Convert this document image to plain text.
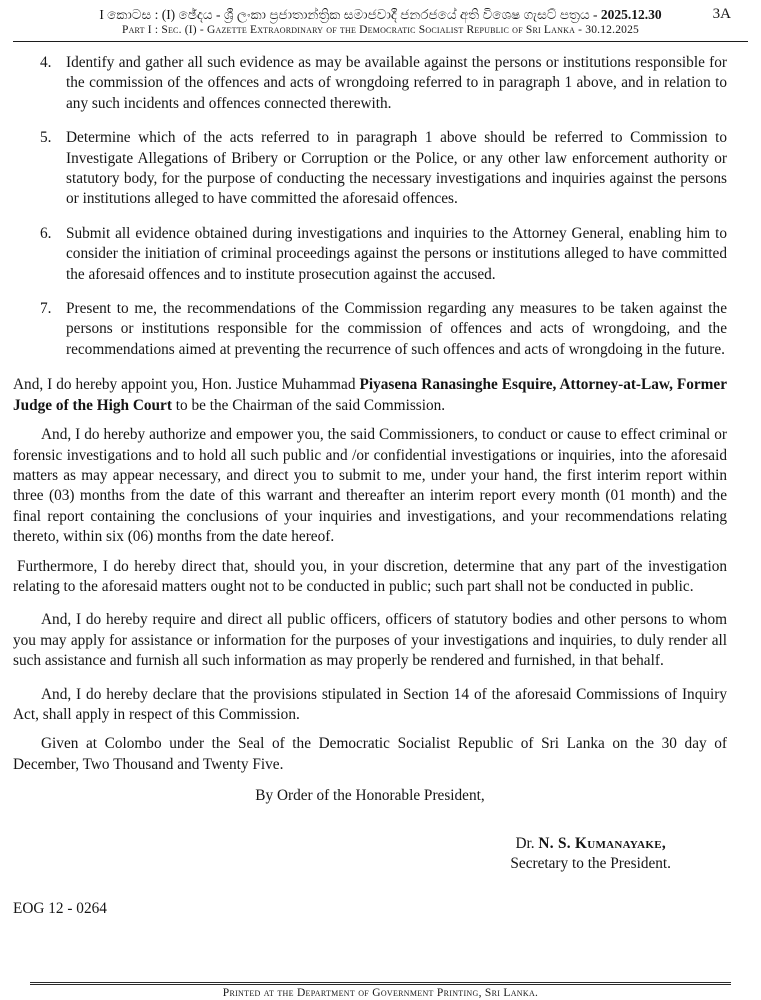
I කොටස : (I) ඡේදය - ශ්‍රී ලංකා ප්‍රජාතාන්ත්‍රික සමාජවාදී ජනරජයේ අති විශෙෂ ගැසට් පත්‍රය - 2025.12.30
Part I : Sec. (I) - Gazette Extraordinary of the Democratic Socialist Republic of Sri Lanka - 30.12.2025
3A
4. Identify and gather all such evidence as may be available against the persons or institutions responsible for the commission of the offences and acts of wrongdoing referred to in paragraph 1 above, and in relation to any such incidents and offences connected therewith.
5. Determine which of the acts referred to in paragraph 1 above should be referred to Commission to Investigate Allegations of Bribery or Corruption or the Police, or any other law enforcement authority or statutory body, for the purpose of conducting the necessary investigations and inquiries against the persons or institutions alleged to have committed the aforesaid offences.
6. Submit all evidence obtained during investigations and inquiries to the Attorney General, enabling him to consider the initiation of criminal proceedings against the persons or institutions alleged to have committed the aforesaid offences and to institute prosecution against the accused.
7. Present to me, the recommendations of the Commission regarding any measures to be taken against the persons or institutions responsible for the commission of offences and acts of wrongdoing, and the recommendations aimed at preventing the recurrence of such offences and acts of wrongdoing in the future.

And, I do hereby appoint you, Hon. Justice Muhammad Piyasena Ranasinghe Esquire, Attorney-at-Law, Former Judge of the High Court to be the Chairman of the said Commission.

And, I do hereby authorize and empower you, the said Commissioners, to conduct or cause to effect criminal or forensic investigations and to hold all such public and /or confidential investigations or inquiries, into the aforesaid matters as may appear necessary, and direct you to submit to me, under your hand, the first interim report within three (03) months from the date of this warrant and thereafter an interim report every month (01 month) and the final report containing the conclusions of your inquiries and investigations, and your recommendations relating thereto, within six (06) months from the date hereof.

Furthermore, I do hereby direct that, should you, in your discretion, determine that any part of the investigation relating to the aforesaid matters ought not to be conducted in public; such part shall not be conducted in public.

And, I do hereby require and direct all public officers, officers of statutory bodies and other persons to whom you may apply for assistance or information for the purposes of your investigations and inquiries, to duly render all such assistance and furnish all such information as may properly be rendered and furnished, in that behalf.

And, I do hereby declare that the provisions stipulated in Section 14 of the aforesaid Commissions of Inquiry Act, shall apply in respect of this Commission.

Given at Colombo under the Seal of the Democratic Socialist Republic of Sri Lanka on the 30 day of December, Two Thousand and Twenty Five.

By Order of the Honorable President,
Dr. N. S. Kumanayake,
Secretary to the President.
EOG 12 - 0264
Printed at the Department of Government Printing, Sri Lanka.
